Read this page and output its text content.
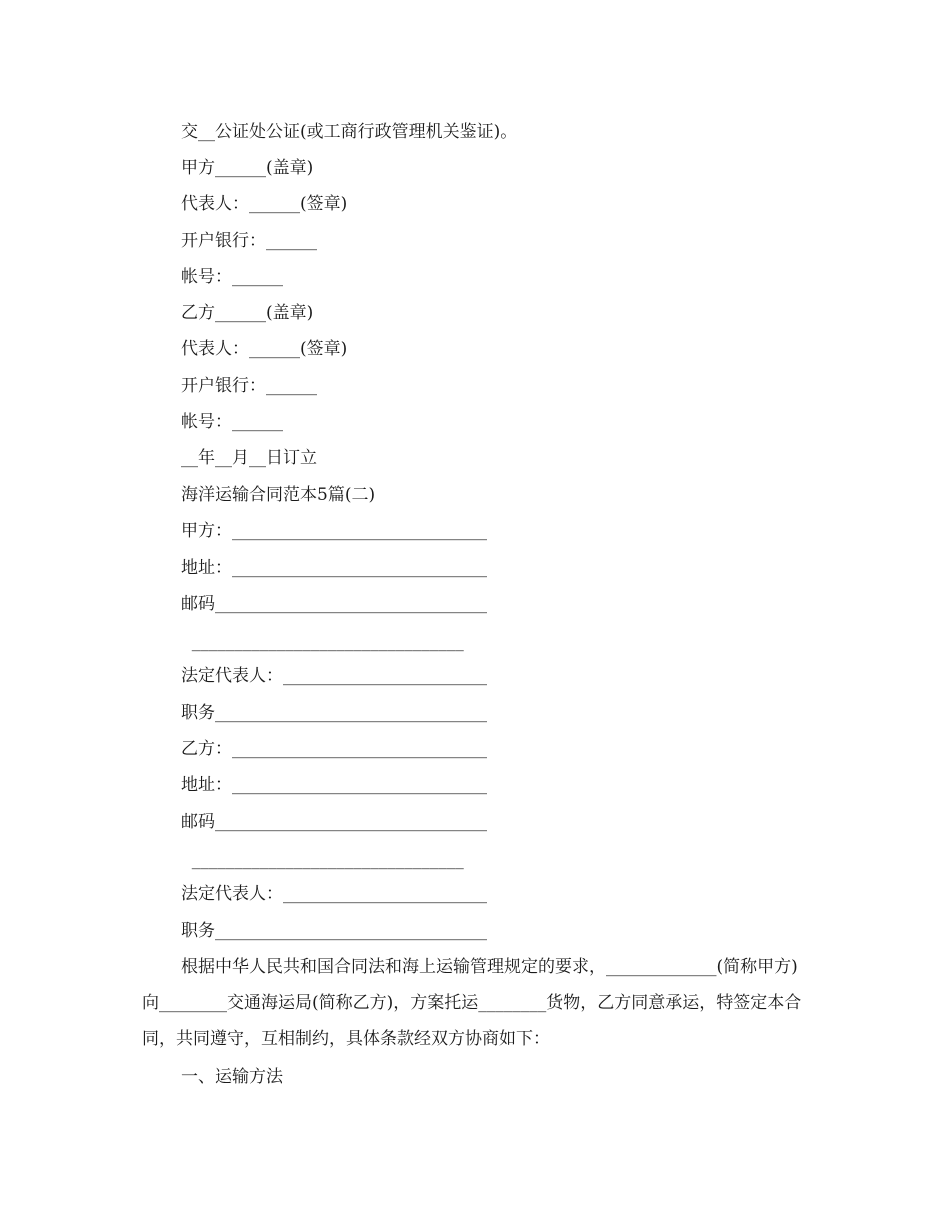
交__公证处公证(或工商行政管理机关鉴证)。
甲方______(盖章)
代表人：______(签章)
开户银行：______
帐号：______
乙方______(盖章)
代表人：______(签章)
开户银行：______
帐号：______
__年__月__日订立
海洋运输合同范本5篇(二)
甲方：______________________________
地址：______________________________
邮码________________________________
________________________________
法定代表人：________________________
职务________________________________
乙方：______________________________
地址：______________________________
邮码________________________________
________________________________
法定代表人：________________________
职务________________________________
根据中华人民共和国合同法和海上运输管理规定的要求，_____________(简称甲方)向________交通海运局(简称乙方)，方案托运________货物，乙方同意承运，特签定本合同，共同遵守，互相制约，具体条款经双方协商如下：
一、运输方法
